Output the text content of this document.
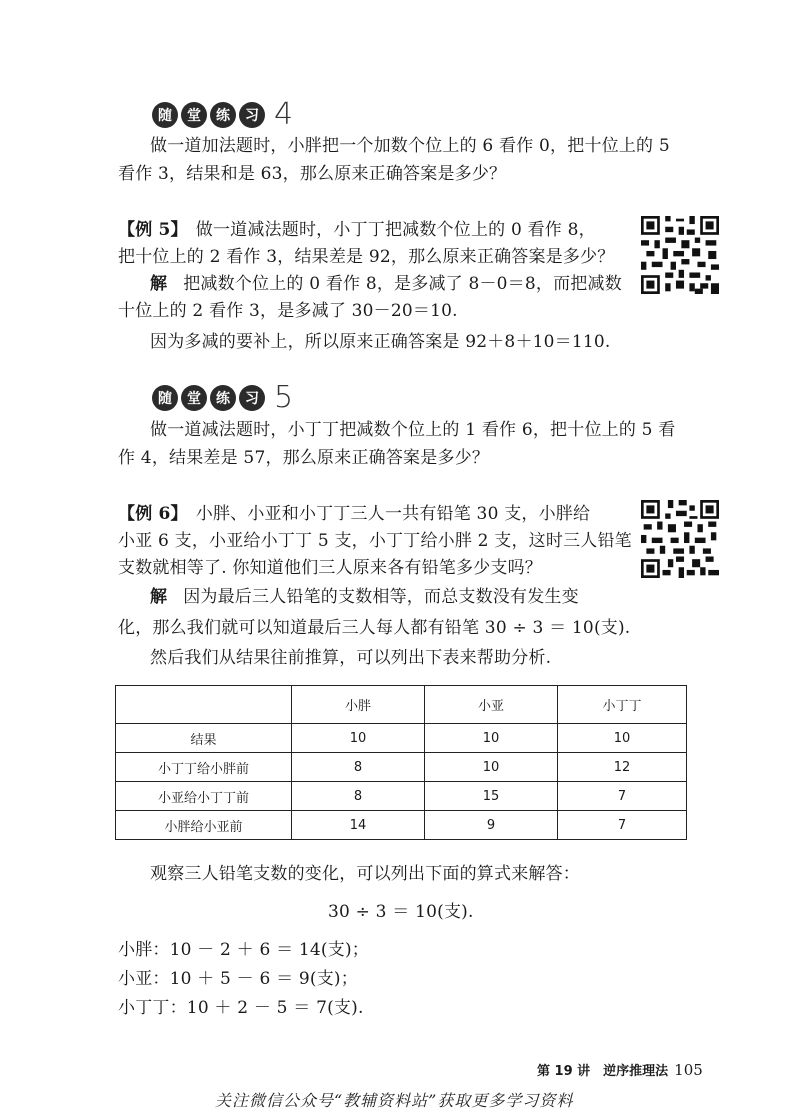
随	堂	练	习 4
做一道加法题时，小胖把一个加数个位上的 6 看作 0，把十位上的 5
看作 3，结果和是 63，那么原来正确答案是多少？
【例 5】 做一道减法题时，小丁丁把减数个位上的 0 看作 8，
把十位上的 2 看作 3，结果差是 92，那么原来正确答案是多少？
解 把减数个位上的 0 看作 8，是多减了 8－0＝8，而把减数
十位上的 2 看作 3，是多减了 30－20＝10.
因为多减的要补上，所以原来正确答案是 92＋8＋10＝110.
随	堂	练	习 5
做一道减法题时，小丁丁把减数个位上的 1 看作 6，把十位上的 5 看
作 4，结果差是 57，那么原来正确答案是多少？
【例 6】 小胖、小亚和小丁丁三人一共有铅笔 30 支，小胖给
小亚 6 支，小亚给小丁丁 5 支，小丁丁给小胖 2 支，这时三人铅笔
支数就相等了. 你知道他们三人原来各有铅笔多少支吗？
解 因为最后三人铅笔的支数相等，而总支数没有发生变
化，那么我们就可以知道最后三人每人都有铅笔 30 ÷ 3 ＝ 10(支).
然后我们从结果往前推算，可以列出下表来帮助分析.
	小胖	小亚	小丁丁
结果	10	10	10
小丁丁给小胖前	8	10	12
小亚给小丁丁前	8	15	7
小胖给小亚前	14	9	7
观察三人铅笔支数的变化，可以列出下面的算式来解答：
30 ÷ 3 ＝ 10(支).
小胖：10 － 2 ＋ 6 ＝ 14(支)；
小亚：10 ＋ 5 － 6 ＝ 9(支)；
小丁丁：10 ＋ 2 － 5 ＝ 7(支).
第 19 讲　逆序推理法 105
关注微信公众号“教辅资料站”获取更多学习资料
